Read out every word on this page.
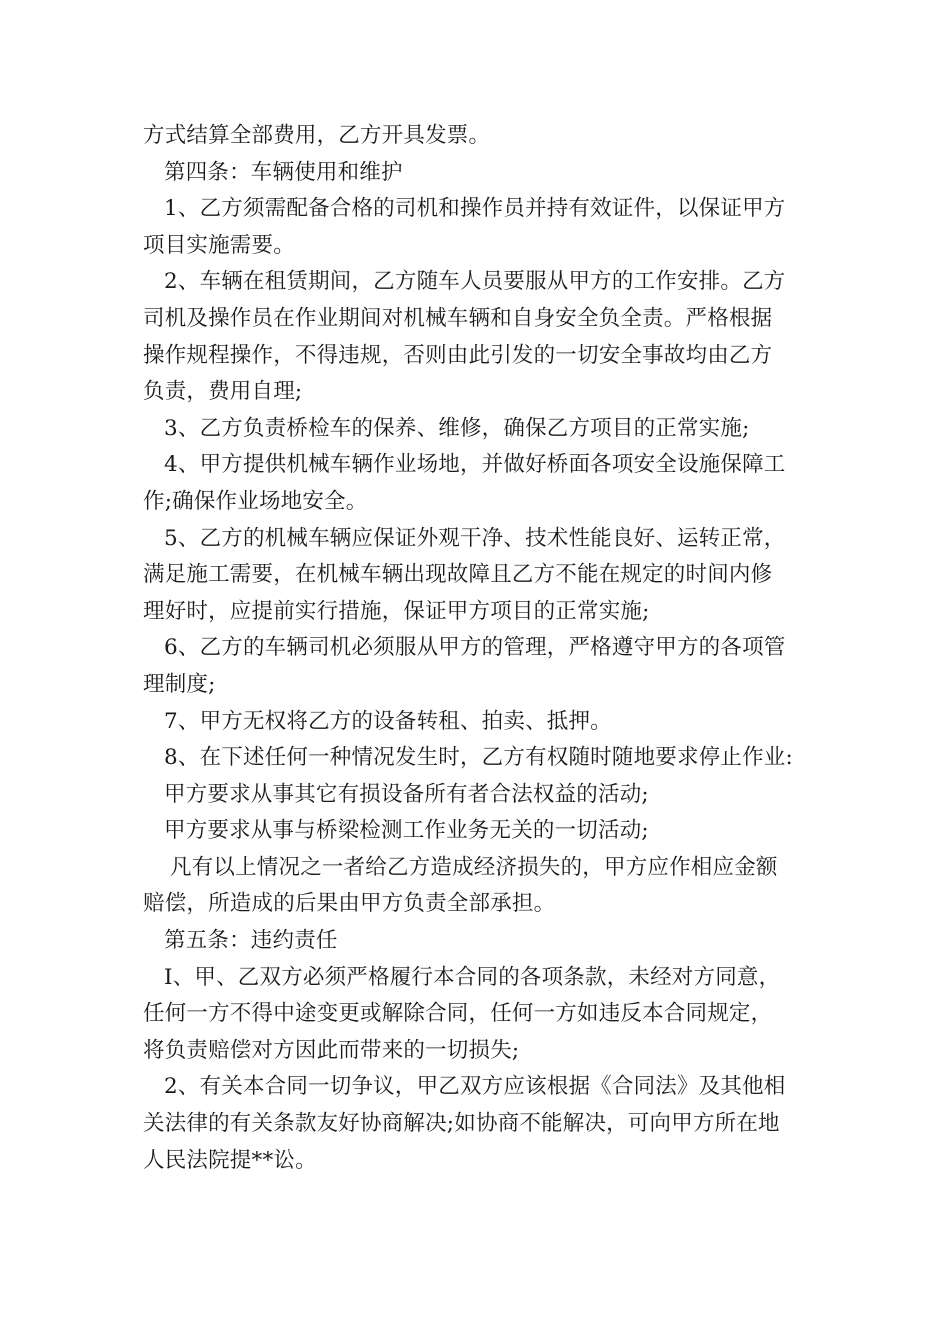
方式结算全部费用，乙方开具发票。
第四条：车辆使用和维护
1、乙方须需配备合格的司机和操作员并持有效证件，以保证甲方
项目实施需要。
2、车辆在租赁期间，乙方随车人员要服从甲方的工作安排。乙方
司机及操作员在作业期间对机械车辆和自身安全负全责。严格根据
操作规程操作，不得违规，否则由此引发的一切安全事故均由乙方
负责，费用自理;
3、乙方负责桥检车的保养、维修，确保乙方项目的正常实施;
4、甲方提供机械车辆作业场地，并做好桥面各项安全设施保障工
作;确保作业场地安全。
5、乙方的机械车辆应保证外观干净、技术性能良好、运转正常，
满足施工需要，在机械车辆出现故障且乙方不能在规定的时间内修
理好时，应提前实行措施，保证甲方项目的正常实施;
6、乙方的车辆司机必须服从甲方的管理，严格遵守甲方的各项管
理制度;
7、甲方无权将乙方的设备转租、拍卖、抵押。
8、在下述任何一种情况发生时，乙方有权随时随地要求停止作业:
甲方要求从事其它有损设备所有者合法权益的活动;
甲方要求从事与桥梁检测工作业务无关的一切活动;
凡有以上情况之一者给乙方造成经济损失的，甲方应作相应金额
赔偿，所造成的后果由甲方负责全部承担。
第五条：违约责任
I、甲、乙双方必须严格履行本合同的各项条款，未经对方同意，
任何一方不得中途变更或解除合同，任何一方如违反本合同规定，
将负责赔偿对方因此而带来的一切损失;
2、有关本合同一切争议，甲乙双方应该根据《合同法》及其他相
关法律的有关条款友好协商解决;如协商不能解决，可向甲方所在地
人民法院提**讼。
